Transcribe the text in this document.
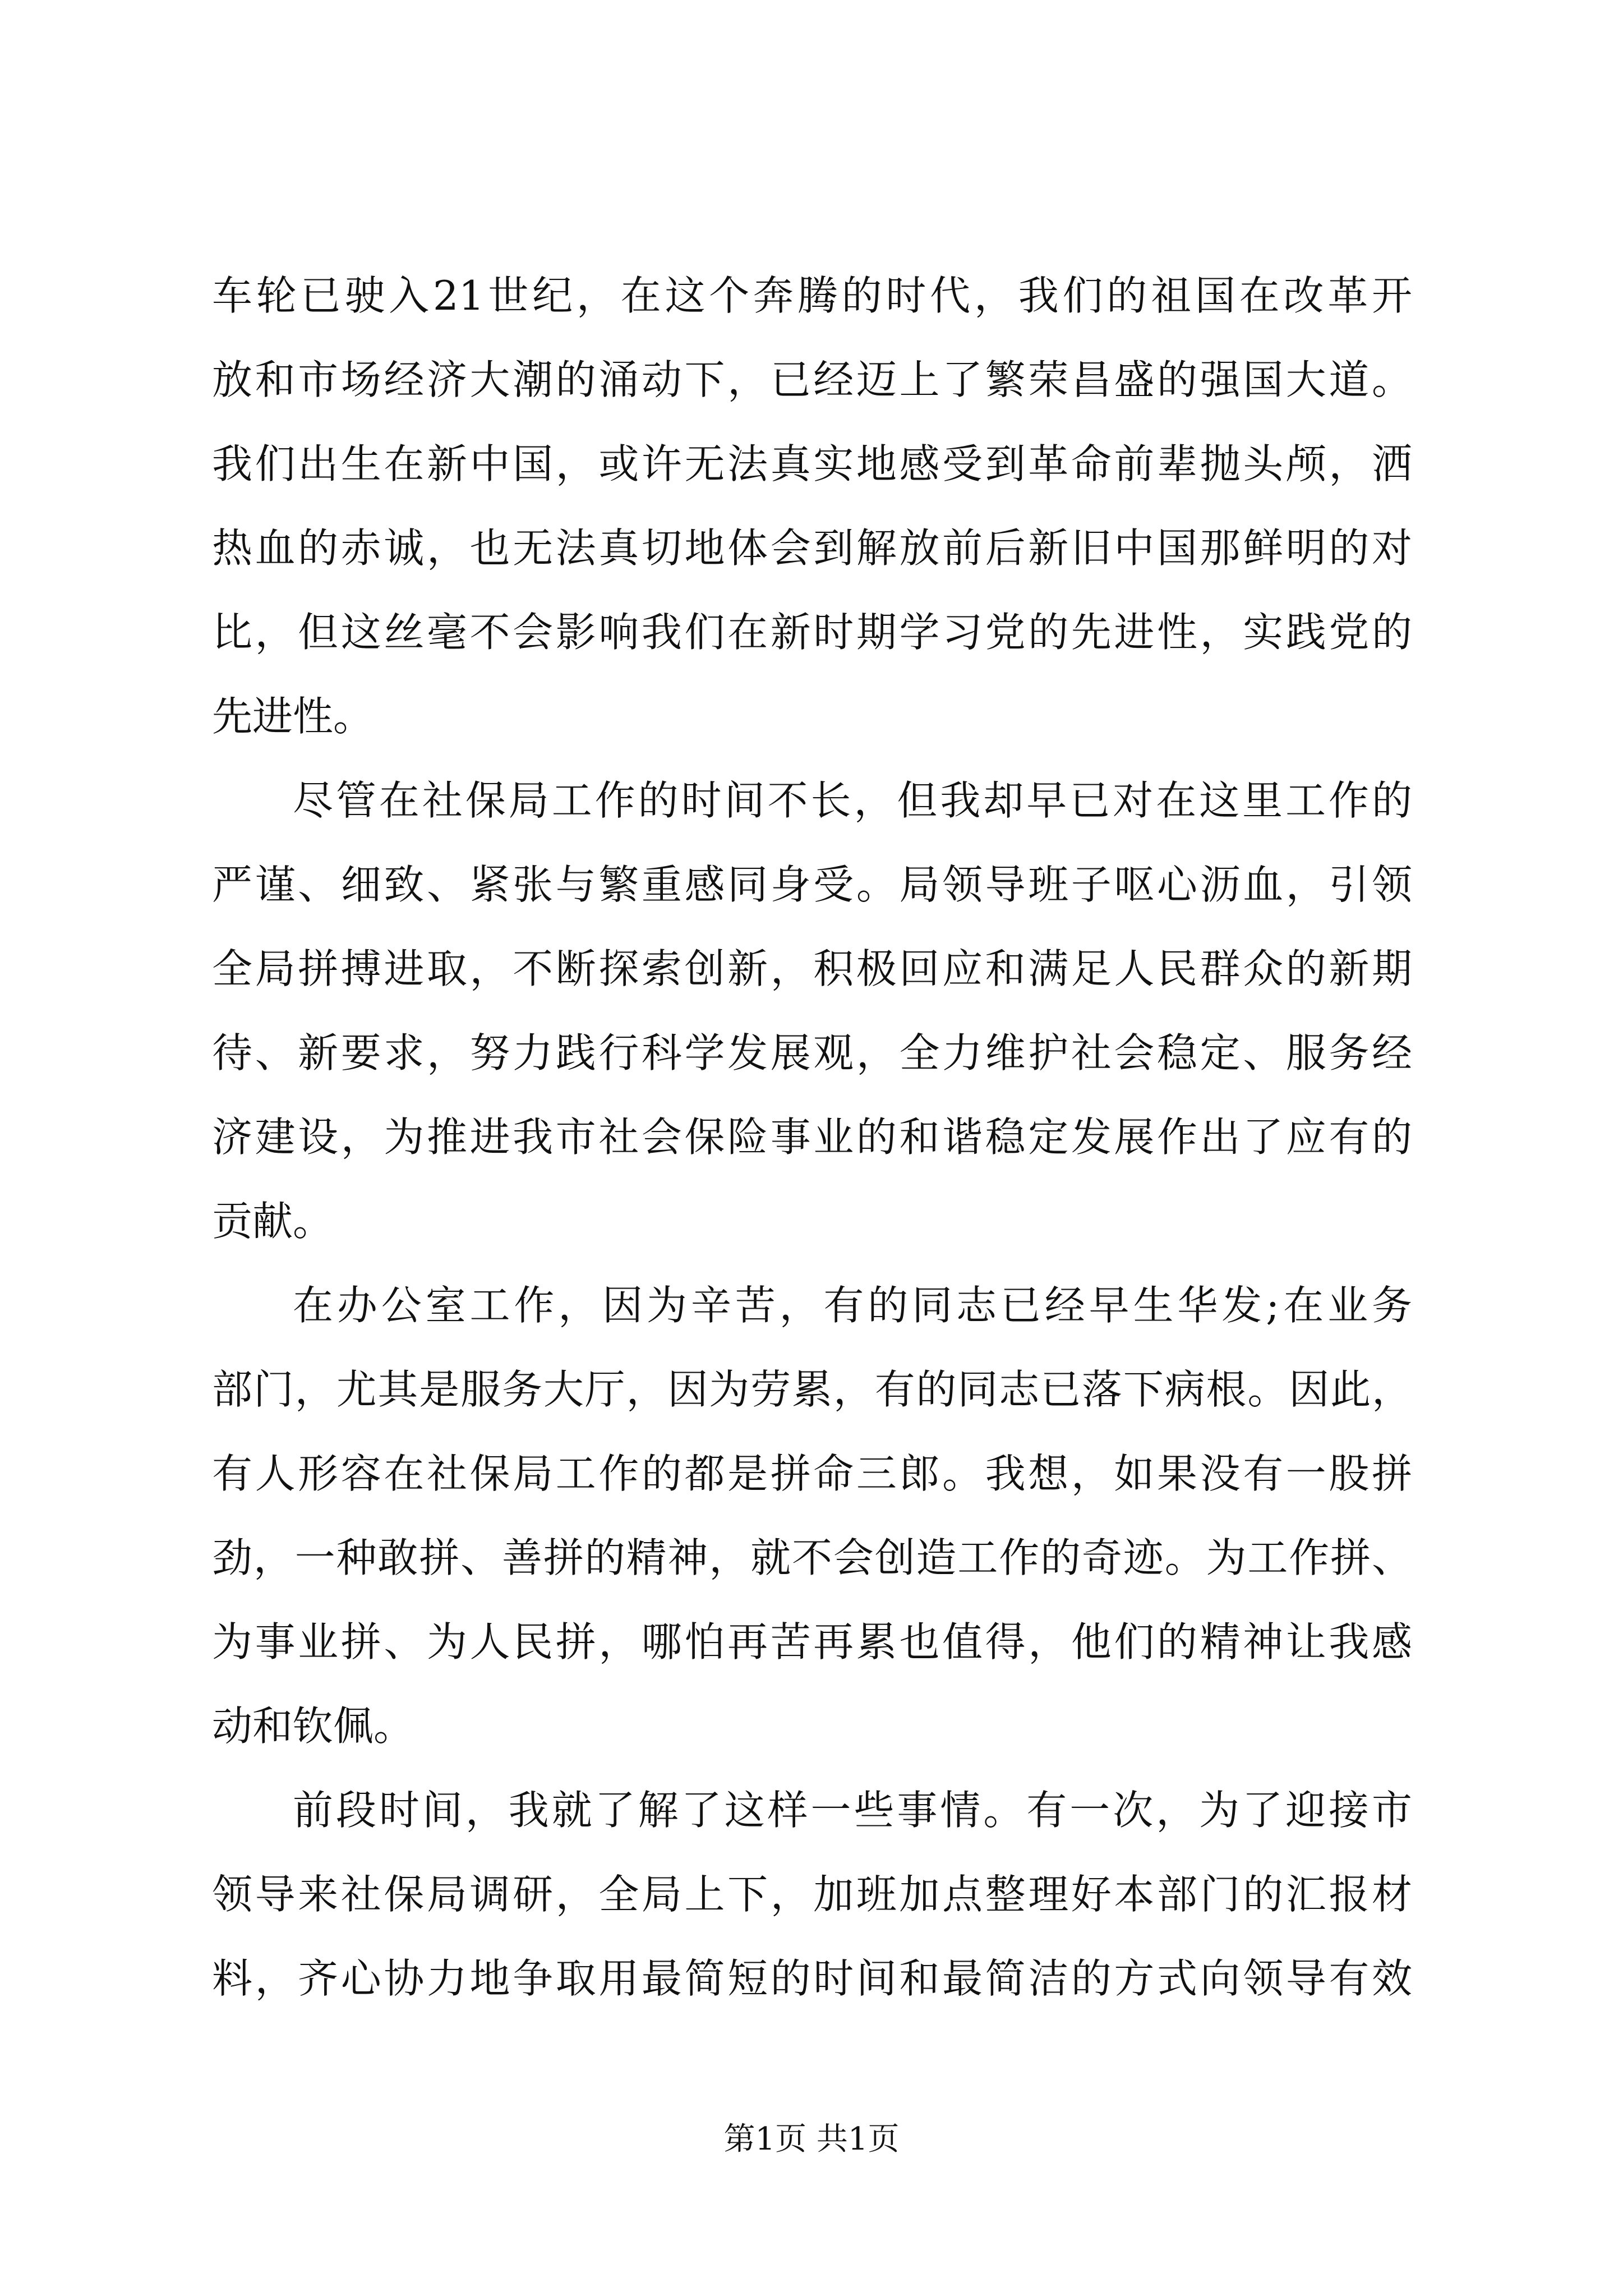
车轮已驶入21世纪，在这个奔腾的时代，我们的祖国在改革开
放和市场经济大潮的涌动下，已经迈上了繁荣昌盛的强国大道。
我们出生在新中国，或许无法真实地感受到革命前辈抛头颅，洒
热血的赤诚，也无法真切地体会到解放前后新旧中国那鲜明的对
比，但这丝毫不会影响我们在新时期学习党的先进性，实践党的
先进性。
尽管在社保局工作的时间不长，但我却早已对在这里工作的
严谨、细致、紧张与繁重感同身受。局领导班子呕心沥血，引领
全局拼搏进取，不断探索创新，积极回应和满足人民群众的新期
待、新要求，努力践行科学发展观，全力维护社会稳定、服务经
济建设，为推进我市社会保险事业的和谐稳定发展作出了应有的
贡献。
在办公室工作，因为辛苦，有的同志已经早生华发;在业务
部门，尤其是服务大厅，因为劳累，有的同志已落下病根。因此，
有人形容在社保局工作的都是拼命三郎。我想，如果没有一股拼
劲，一种敢拼、善拼的精神，就不会创造工作的奇迹。为工作拼、
为事业拼、为人民拼，哪怕再苦再累也值得，他们的精神让我感
动和钦佩。
前段时间，我就了解了这样一些事情。有一次，为了迎接市
领导来社保局调研，全局上下，加班加点整理好本部门的汇报材
料，齐心协力地争取用最简短的时间和最简洁的方式向领导有效
第1页 共1页
